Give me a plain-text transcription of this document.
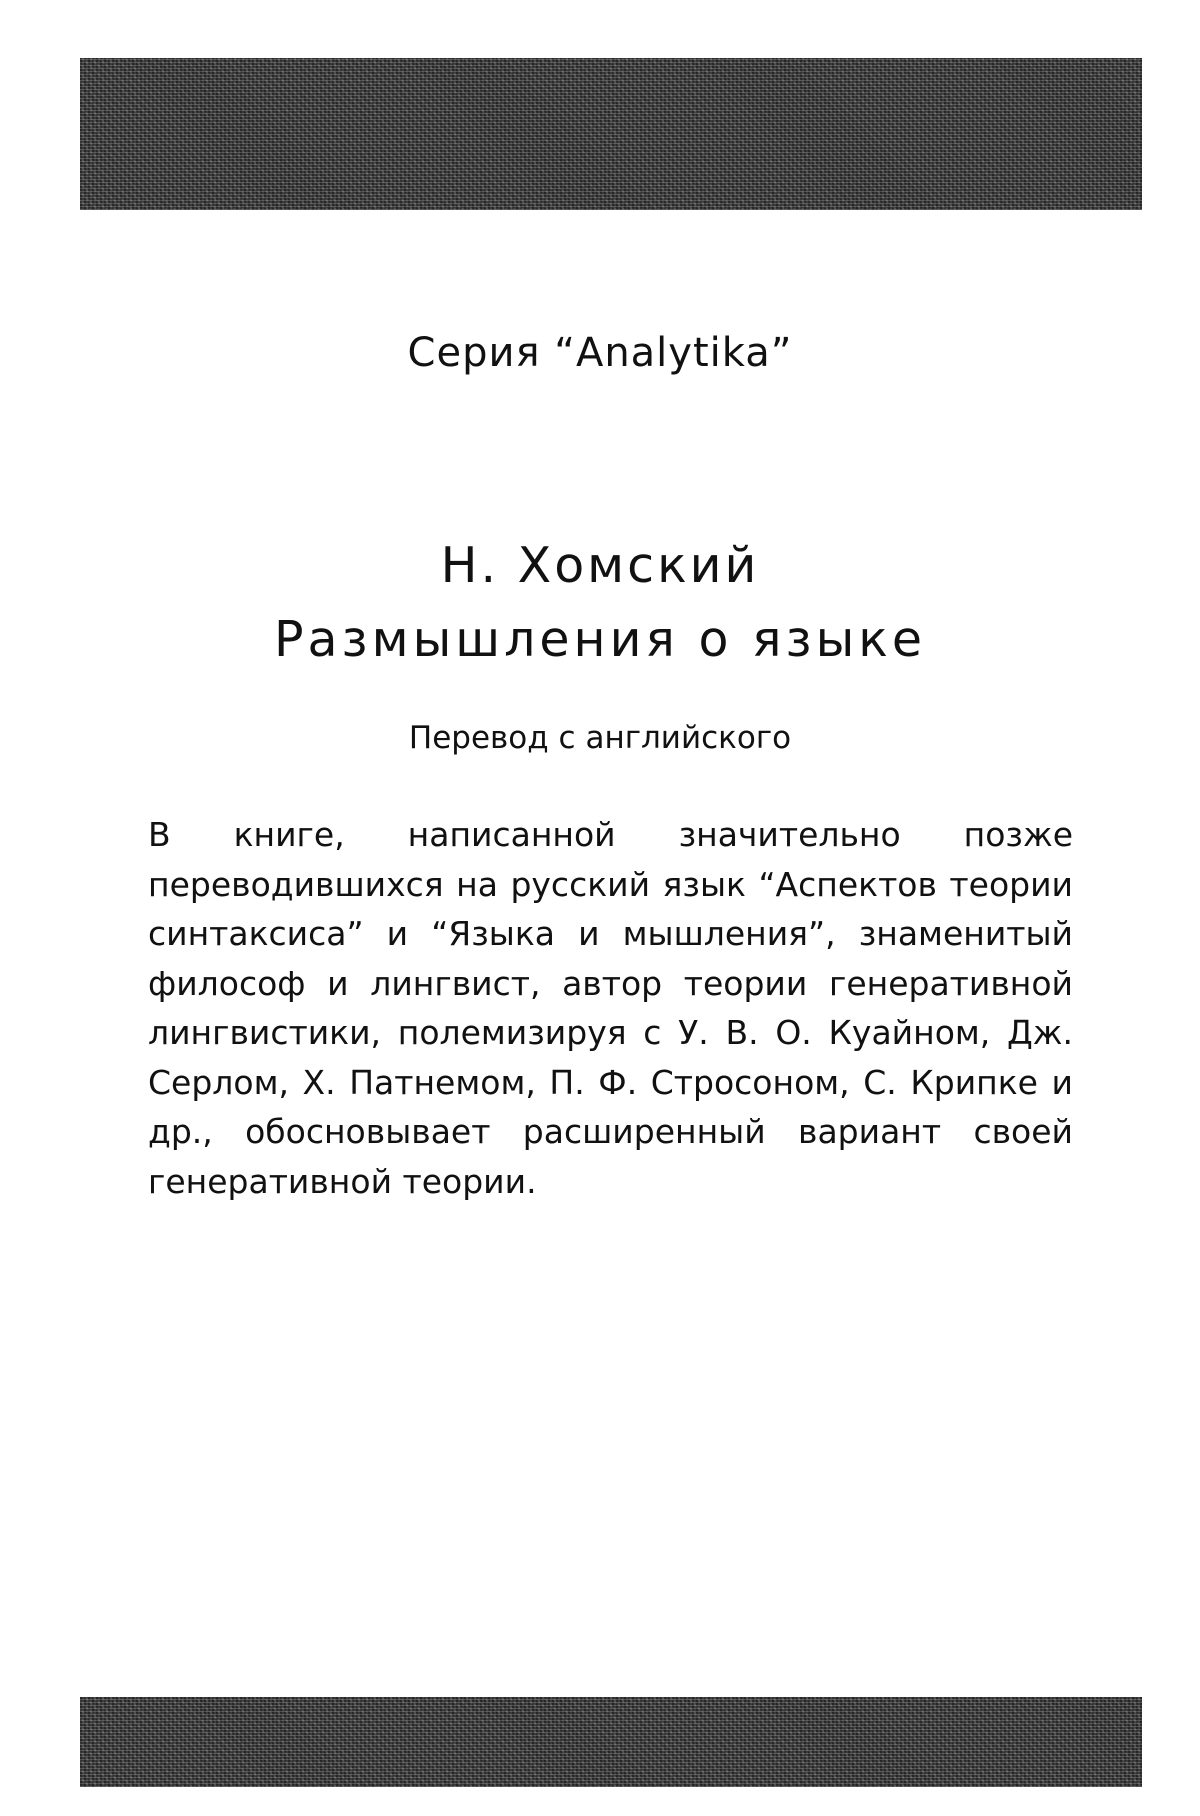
Серия “Analytika”
Н. Хомский
Размышления о языке
Перевод с английского
В книге, написанной значительно позже переводившихся на русский язык “Аспектов теории синтаксиса” и “Языка и мышления”, знаменитый философ и лингвист, автор теории генеративной лингвистики, полемизируя с У. В. О. Куайном, Дж. Серлом, Х. Патнемом, П. Ф. Стросоном, С. Крипке и др., обосновывает расширенный вариант своей генеративной теории.
